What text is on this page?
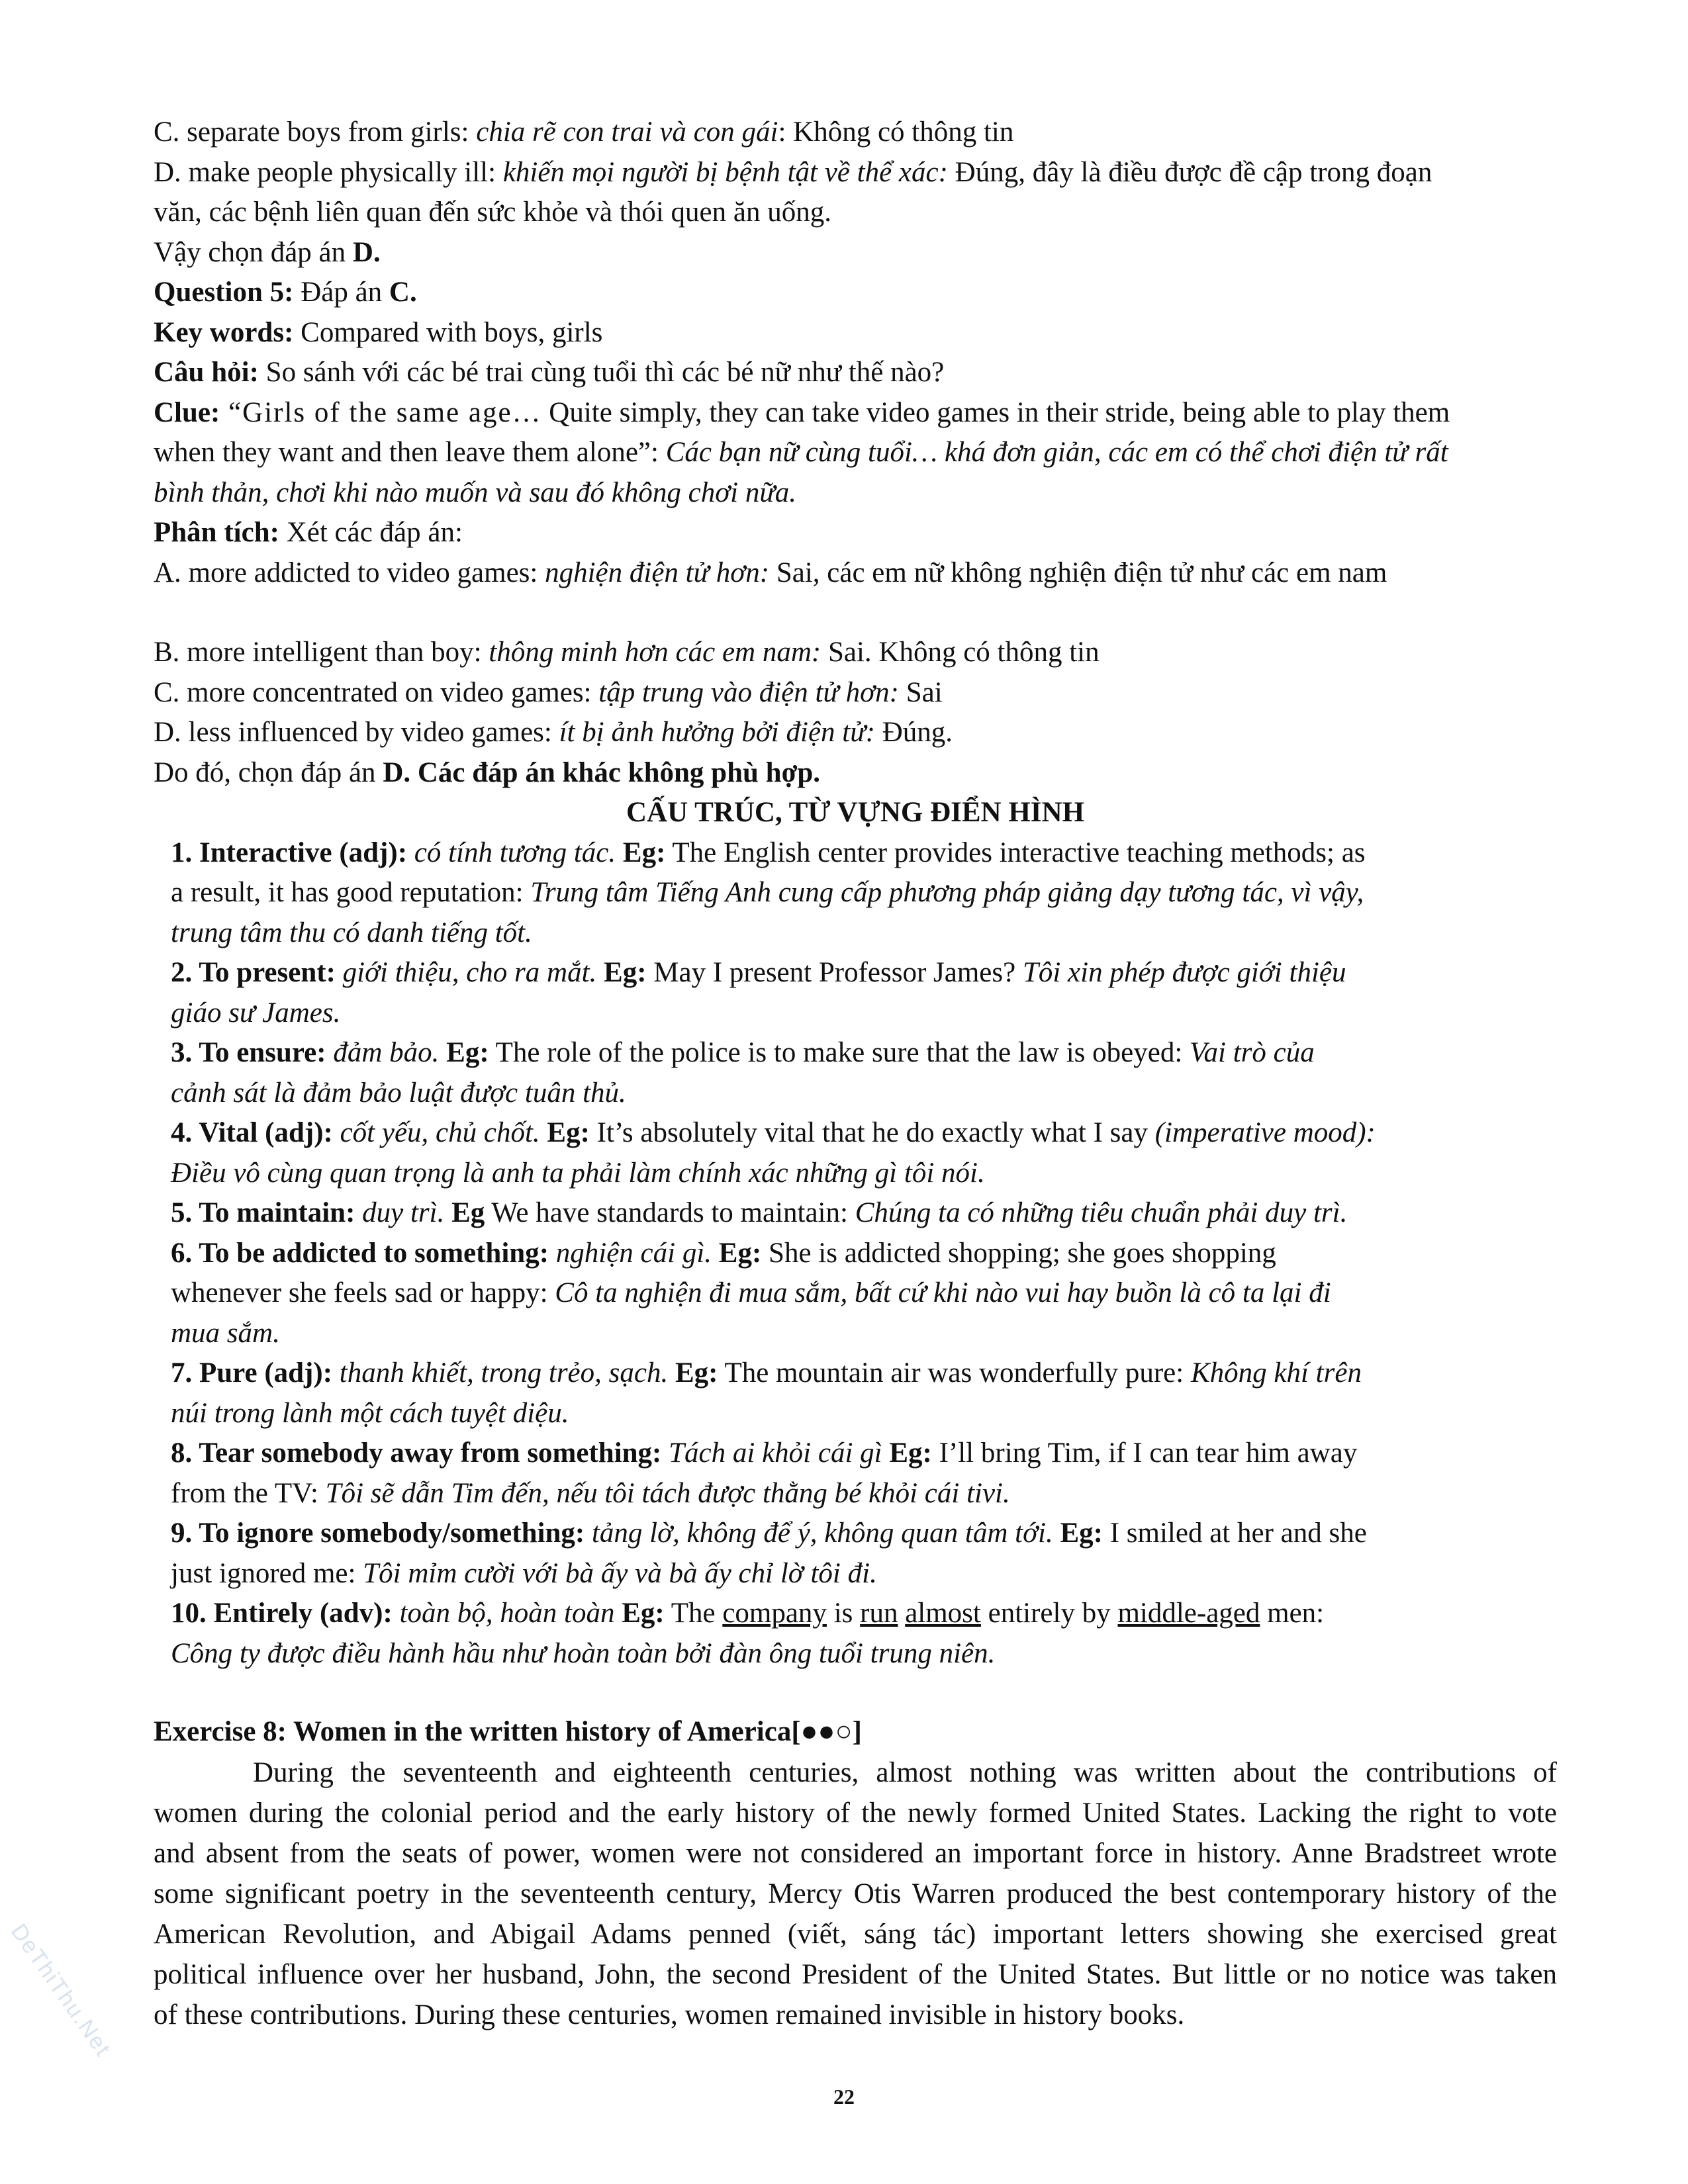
C. separate boys from girls: chia rẽ con trai và con gái: Không có thông tin

D. make people physically ill: khiến mọi người bị bệnh tật về thể xác: Đúng, đây là điều được đề cập trong đoạn

văn, các bệnh liên quan đến sức khỏe và thói quen ăn uống.

Vậy chọn đáp án D.

Question 5: Đáp án C.

Key words: Compared with boys, girls

Câu hỏi: So sánh với các bé trai cùng tuổi thì các bé nữ như thế nào?

Clue: “Girls of the same age… Quite simply, they can take video games in their stride, being able to play them

when they want and then leave them alone”: Các bạn nữ cùng tuổi… khá đơn giản, các em có thể chơi điện tử rất

bình thản, chơi khi nào muốn và sau đó không chơi nữa.

Phân tích: Xét các đáp án:

A. more addicted to video games: nghiện điện tử hơn: Sai, các em nữ không nghiện điện tử như các em nam

B. more intelligent than boy: thông minh hơn các em nam: Sai. Không có thông tin

C. more concentrated on video games: tập trung vào điện tử hơn: Sai

D. less influenced by video games: ít bị ảnh hưởng bởi điện tử: Đúng.

Do đó, chọn đáp án D. Các đáp án khác không phù hợp.

CẤU TRÚC, TỪ VỰNG ĐIỂN HÌNH

1. Interactive (adj): có tính tương tác. Eg: The English center provides interactive teaching methods; as

a result, it has good reputation: Trung tâm Tiếng Anh cung cấp phương pháp giảng dạy tương tác, vì vậy,

trung tâm thu có danh tiếng tốt.

2. To present: giới thiệu, cho ra mắt. Eg: May I present Professor James? Tôi xin phép được giới thiệu

giáo sư James.

3. To ensure: đảm bảo. Eg: The role of the police is to make sure that the law is obeyed: Vai trò của

cảnh sát là đảm bảo luật được tuân thủ.

4. Vital (adj): cốt yếu, chủ chốt. Eg: It’s absolutely vital that he do exactly what I say (imperative mood):

Điều vô cùng quan trọng là anh ta phải làm chính xác những gì tôi nói.

5. To maintain: duy trì. Eg We have standards to maintain: Chúng ta có những tiêu chuẩn phải duy trì.

6. To be addicted to something: nghiện cái gì. Eg: She is addicted shopping; she goes shopping

whenever she feels sad or happy: Cô ta nghiện đi mua sắm, bất cứ khi nào vui hay buồn là cô ta lại đi

mua sắm.

7. Pure (adj): thanh khiết, trong trẻo, sạch. Eg: The mountain air was wonderfully pure: Không khí trên

núi trong lành một cách tuyệt diệu.

8. Tear somebody away from something: Tách ai khỏi cái gì Eg: I’ll bring Tim, if I can tear him away

from the TV: Tôi sẽ dẫn Tim đến, nếu tôi tách được thằng bé khỏi cái tivi.

9. To ignore somebody/something: tảng lờ, không để ý, không quan tâm tới. Eg: I smiled at her and she

just ignored me: Tôi mỉm cười với bà ấy và bà ấy chỉ lờ tôi đi.

10. Entirely (adv): toàn bộ, hoàn toàn Eg: The company is run almost entirely by middle-aged men:

Công ty được điều hành hầu như hoàn toàn bởi đàn ông tuổi trung niên.

Exercise 8: Women in the written history of America[●●○]

During the seventeenth and eighteenth centuries, almost nothing was written about the contributions of

women during the colonial period and the early history of the newly formed United States. Lacking the right to vote

and absent from the seats of power, women were not considered an important force in history. Anne Bradstreet wrote

some significant poetry in the seventeenth century, Mercy Otis Warren produced the best contemporary history of the

American Revolution, and Abigail Adams penned (viết, sáng tác) important letters showing she exercised great

political influence over her husband, John, the second President of the United States. But little or no notice was taken

of these contributions. During these centuries, women remained invisible in history books.

DeThiThu.Net
22
